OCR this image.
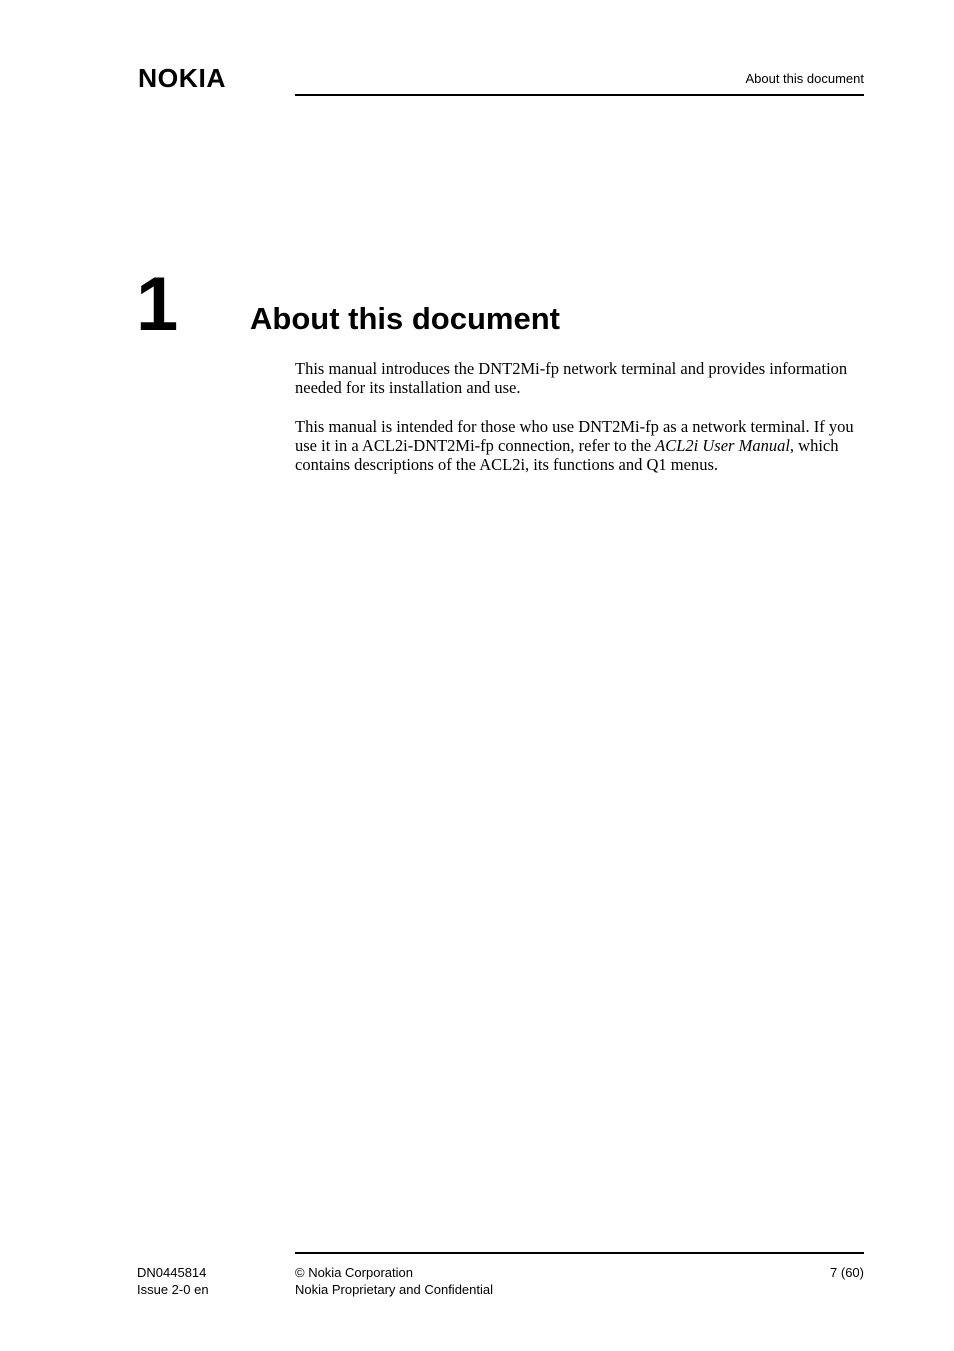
NOKIA	About this document
1 About this document

This manual introduces the DNT2Mi-fp network terminal and provides information needed for its installation and use.

This manual is intended for those who use DNT2Mi-fp as a network terminal. If you use it in a ACL2i-DNT2Mi-fp connection, refer to the ACL2i User Manual, which contains descriptions of the ACL2i, its functions and Q1 menus.

DN0445814
Issue 2-0 en
© Nokia Corporation
Nokia Proprietary and Confidential
7 (60)
